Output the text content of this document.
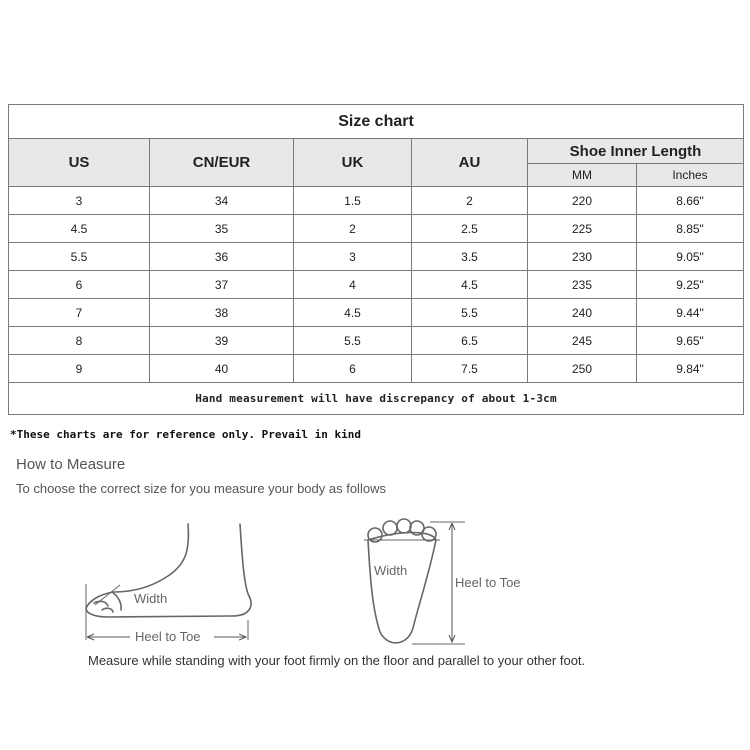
Size chart					
US	CN/EUR	UK	AU	Shoe Inner Length	
				MM	Inches
3	34	1.5	2	220	8.66"
4.5	35	2	2.5	225	8.85"
5.5	36	3	3.5	230	9.05"
6	37	4	4.5	235	9.25"
7	38	4.5	5.5	240	9.44"
8	39	5.5	6.5	245	9.65"
9	40	6	7.5	250	9.84"
Hand measurement will have discrepancy of about 1-3cm					
*These charts are for reference only. Prevail in kind
How to Measure
To choose the correct size for you measure your body as follows
Width
Heel to Toe
Width
Heel to Toe
Measure while standing with your foot firmly on the floor and parallel to your other foot.
